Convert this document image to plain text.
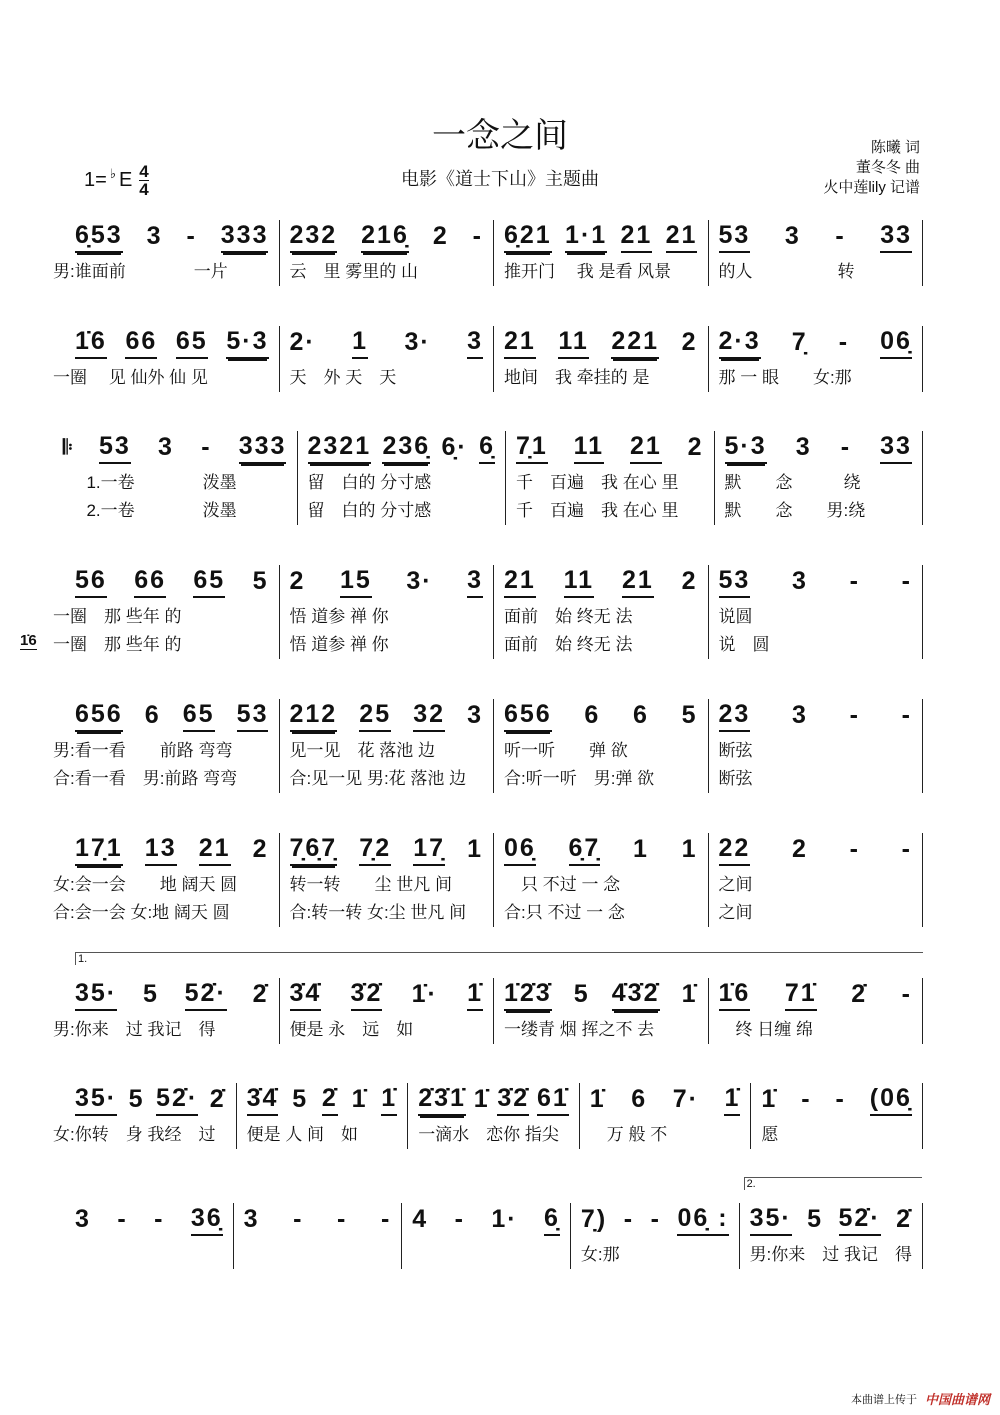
一念之间
电影《道士下山》主题曲
1= ♭ E 4
4
陈曦 词
董冬冬 曲
火中莲lily 记谱
1̇6
6̣53 3 - 333
男:谁面前　　　　一片
232 216̣ 2 -
云　里 雾里的 山
6̣21 1·1 21 21
推开门　 我 是看 风景
53 3 - 33
的人　　　　　转
1̇6 66 65 5·3
一圈　 见 仙外 仙 见
2· 1 3· 3
天　外 天　天
21 11 221 2
地间　我 牵挂的 是
2·3 7̣ - 06̣
那 一 眼　　女:那
𝄆 53 3 - 333
1.一卷　　　　泼墨
2.一卷　　　　泼墨
2321 236̣ 6̣· 6̣
留　白的 分寸感
留　白的 分寸感
7̣1 11 21 2
千　百遍　我 在心 里
千　百遍　我 在心 里
5·3 3 - 33
默　　念　　　绕
默　　念　　男:绕
56 66 65 5
一圈　那 些年 的
一圈　那 些年 的
2 15 3· 3
悟 道参 禅 你
悟 道参 禅 你
21 11 21 2
面前　始 终无 法
面前　始 终无 法
53 3 - -
说圆
说　圆
656 6 65 53
男:看一看　　前路 弯弯
合:看一看　男:前路 弯弯
212 25 32 3
见一见　花 落池 边
合:见一见 男:花 落池 边
656 6 6 5
听一听　　弹 欲
合:听一听　男:弹 欲
23 3 - -
断弦
断弦
17̣1 13 21 2
女:会一会　　地 阔天 圆
合:会一会 女:地 阔天 圆
7̣6̣7̣ 7̣2 17̣ 1
转一转　　尘 世凡 间
合:转一转 女:尘 世凡 间
06̣ 6̣7̣ 1 1
　只 不过 一 念
合:只 不过 一 念
22 2 - -
之间
之间
1.
35· 5 52̇· 2̇
男:你来　过 我记　得
3̇4̇ 3̇2̇ 1̇· 1̇
便是 永　远　如
1̇2̇3̇ 5 4̇3̇2̇ 1̇
一缕青 烟 挥之不 去
1̇6 71̇ 2̇ -
　终 日缠 绵
35· 5 52̇· 2̇
女:你转　身 我经　过
3̇4̇ 5 2̇ 1̇ 1̇
便是 人 间　如
2̇3̇1̇ 1̇ 3̇2̇ 61̇
一滴水　恋你 指尖
1̇ 6 7· 1̇
　万 般 不
1̇ - - (06̣
愿
3 - - 36̣ 3 - - - 4 - 1· 6̣ 7̣) - - 06̣ :
女:那
2.
35· 5 52̇· 2̇
男:你来　过 我记　得
本曲谱上传于 中国曲谱网
